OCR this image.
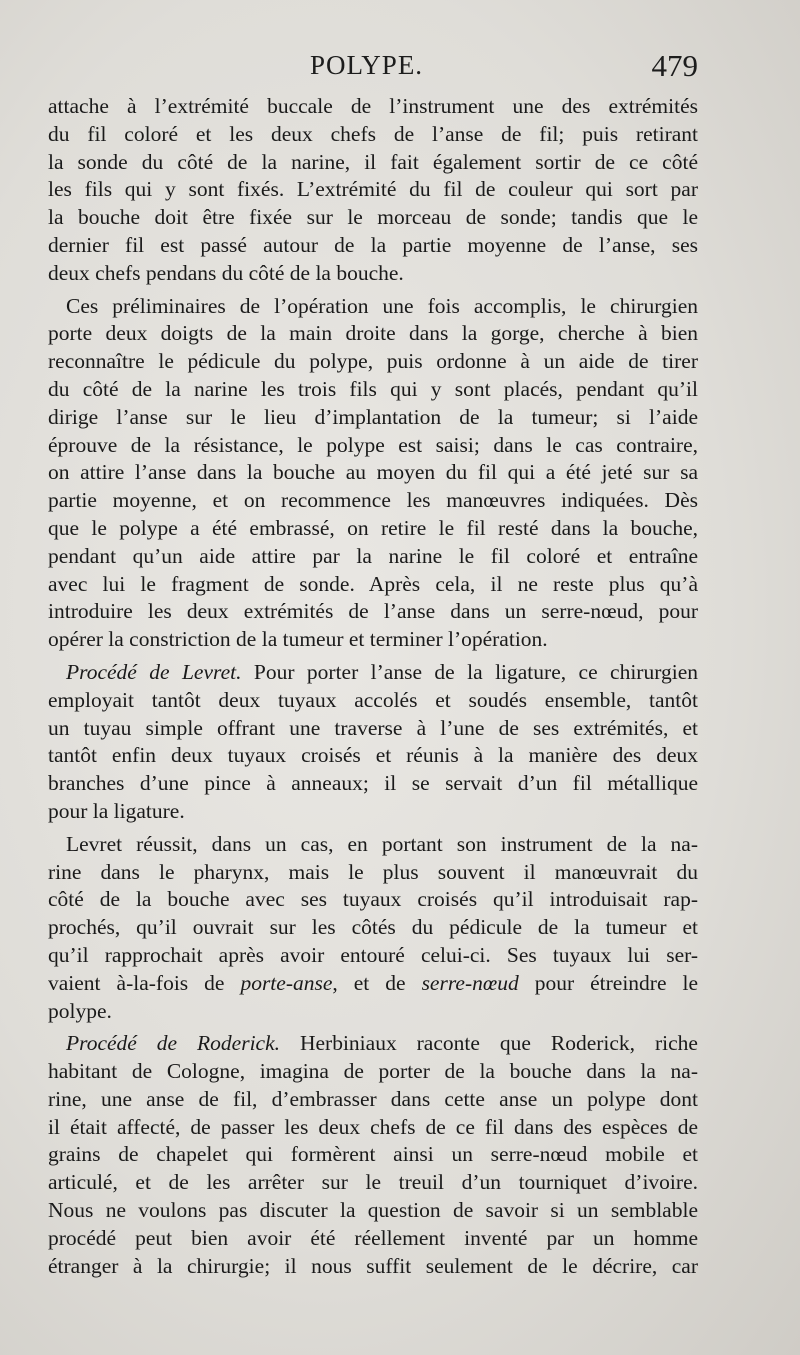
POLYPE.	479
attache à l’extrémité buccale de l’instrument une des extrémités
du fil coloré et les deux chefs de l’anse de fil; puis retirant
la sonde du côté de la narine, il fait également sortir de ce côté
les fils qui y sont fixés. L’extrémité du fil de couleur qui sort par
la bouche doit être fixée sur le morceau de sonde; tandis que le
dernier fil est passé autour de la partie moyenne de l’anse, ses
deux chefs pendans du côté de la bouche.
Ces préliminaires de l’opération une fois accomplis, le chirurgien
porte deux doigts de la main droite dans la gorge, cherche à bien
reconnaître le pédicule du polype, puis ordonne à un aide de tirer
du côté de la narine les trois fils qui y sont placés, pendant qu’il
dirige l’anse sur le lieu d’implantation de la tumeur; si l’aide
éprouve de la résistance, le polype est saisi; dans le cas contraire,
on attire l’anse dans la bouche au moyen du fil qui a été jeté sur sa
partie moyenne, et on recommence les manœuvres indiquées. Dès
que le polype a été embrassé, on retire le fil resté dans la bouche,
pendant qu’un aide attire par la narine le fil coloré et entraîne
avec lui le fragment de sonde. Après cela, il ne reste plus qu’à
introduire les deux extrémités de l’anse dans un serre-nœud, pour
opérer la constriction de la tumeur et terminer l’opération.
Procédé de Levret. Pour porter l’anse de la ligature, ce chirurgien
employait tantôt deux tuyaux accolés et soudés ensemble, tantôt
un tuyau simple offrant une traverse à l’une de ses extrémités, et
tantôt enfin deux tuyaux croisés et réunis à la manière des deux
branches d’une pince à anneaux; il se servait d’un fil métallique
pour la ligature.
Levret réussit, dans un cas, en portant son instrument de la na-
rine dans le pharynx, mais le plus souvent il manœuvrait du
côté de la bouche avec ses tuyaux croisés qu’il introduisait rap-
prochés, qu’il ouvrait sur les côtés du pédicule de la tumeur et
qu’il rapprochait après avoir entouré celui-ci. Ses tuyaux lui ser-
vaient à-la-fois de porte-anse, et de serre-nœud pour étreindre le
polype.
Procédé de Roderick. Herbiniaux raconte que Roderick, riche
habitant de Cologne, imagina de porter de la bouche dans la na-
rine, une anse de fil, d’embrasser dans cette anse un polype dont
il était affecté, de passer les deux chefs de ce fil dans des espèces de
grains de chapelet qui formèrent ainsi un serre-nœud mobile et
articulé, et de les arrêter sur le treuil d’un tourniquet d’ivoire.
Nous ne voulons pas discuter la question de savoir si un semblable
procédé peut bien avoir été réellement inventé par un homme
étranger à la chirurgie; il nous suffit seulement de le décrire, car
